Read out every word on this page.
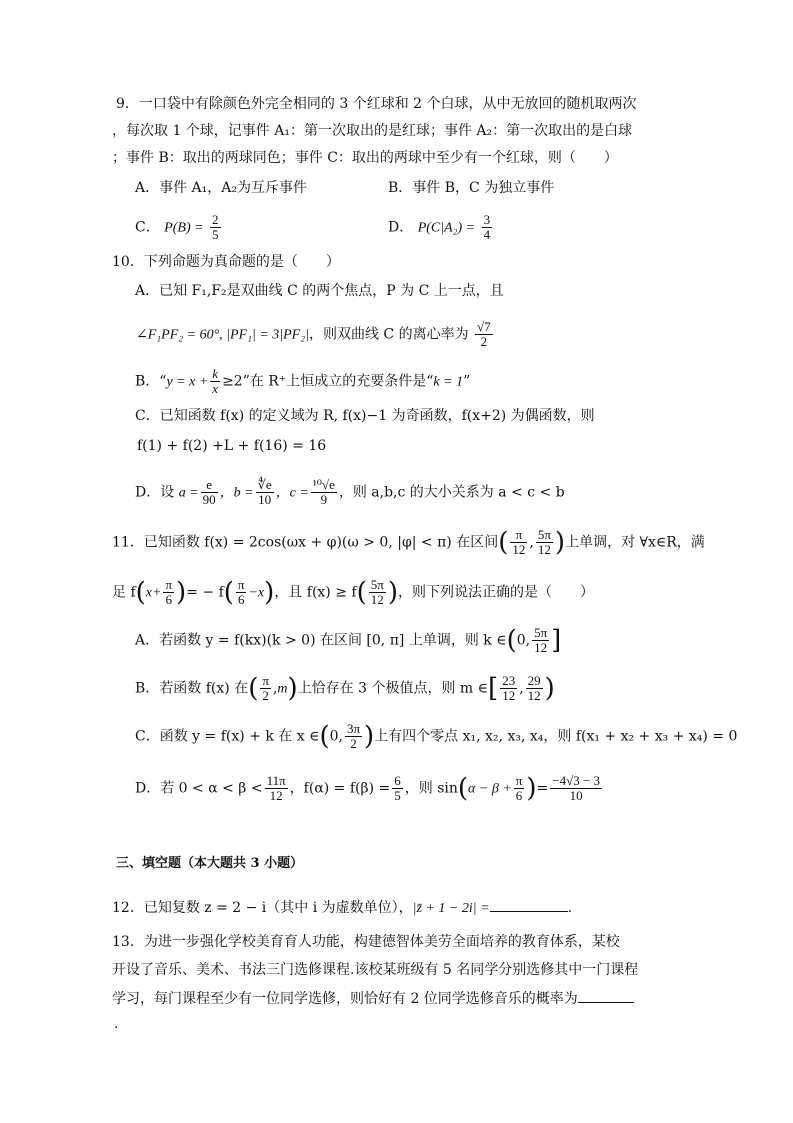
9．一口袋中有除颜色外完全相同的 3 个红球和 2 个白球，从中无放回的随机取两次
，每次取 1 个球，记事件 A₁：第一次取出的是红球；事件 A₂：第一次取出的是白球
；事件 B：取出的两球同色；事件 C：取出的两球中至少有一个红球，则（　　）
A．事件 A₁，A₂为互斥事件	B．事件 B，C 为独立事件
C． $P(B) = \frac{2}{5}$	D． $P(C|A_2) = \frac{3}{4}$
10．下列命题为真命题的是（　　）
A．已知 F₁,F₂是双曲线 C 的两个焦点，P 为 C 上一点，且
∠F₁PF₂ = 60°, |PF₁| = 3|PF₂|，则双曲线 C 的离心率为 $\frac{√7}{2}$
B．“$y = x + \frac{k}{x} \ge 2$”在 R⁺上恒成立的充要条件是“k = 1”
C．已知函数 f(x) 的定义域为 R, f(x)−1 为奇函数，f(x+2) 为偶函数，则
f(1) + f(2) +L + f(16) = 16
D．设 $a = \frac{e}{90}$ ，$b = \frac{∜e}{10}$ ，$c = \frac{\text{¹⁰√e}}{9}$ ，则 a,b,c 的大小关系为 a < c < b
11．已知函数 f(x) = 2cos(ωx + φ)(ω > 0, |φ| < π) 在区间( $\frac{\pi}{12}$ , $\frac{5\pi}{12}$ )上单调，对 ∀x∈R，满
足 $f(x+ \frac{\pi}{6}$ )= − $f( \frac{\pi}{6} -x)$，且 $f(x) \ge f( \frac{5\pi}{12}$ )，则下列说法正确的是（　　）
A．若函数 y = f(kx)(k > 0) 在区间 [0, π] 上单调，则 k ∈(0, $\frac{5\pi}{12}$ ]
B．若函数 f(x) 在( $\frac{\pi}{2} ,m$)上恰存在 3 个极值点，则 m ∈[ $\frac{23}{12}$ , $\frac{29}{12}$ )
C．函数 y = f(x) + k 在 x ∈(0, $\frac{3\pi}{2}$ )上有四个零点 x₁, x₂, x₃, x₄，则 f(x₁ + x₂ + x₃ + x₄) = 0
D．若 $0 < \alpha < \beta < \frac{11\pi}{12}$ ，$f(\alpha) = f(\beta) = \frac{6}{5}$ ，则 $\sin(\alpha - \beta + \frac{\pi}{6}$ )= $\frac{-4√3 - 3}{10}$
三、填空题（本大题共 3 小题）
12．已知复数 z = 2 − i（其中 i 为虚数单位），|z̄ + 1 − 2i| =	.
13．为进一步强化学校美育育人功能，构建德智体美劳全面培养的教育体系，某校
开设了音乐、美术、书法三门选修课程.该校某班级有 5 名同学分别选修其中一门课程
学习，每门课程至少有一位同学选修，则恰好有 2 位同学选修音乐的概率为
.
